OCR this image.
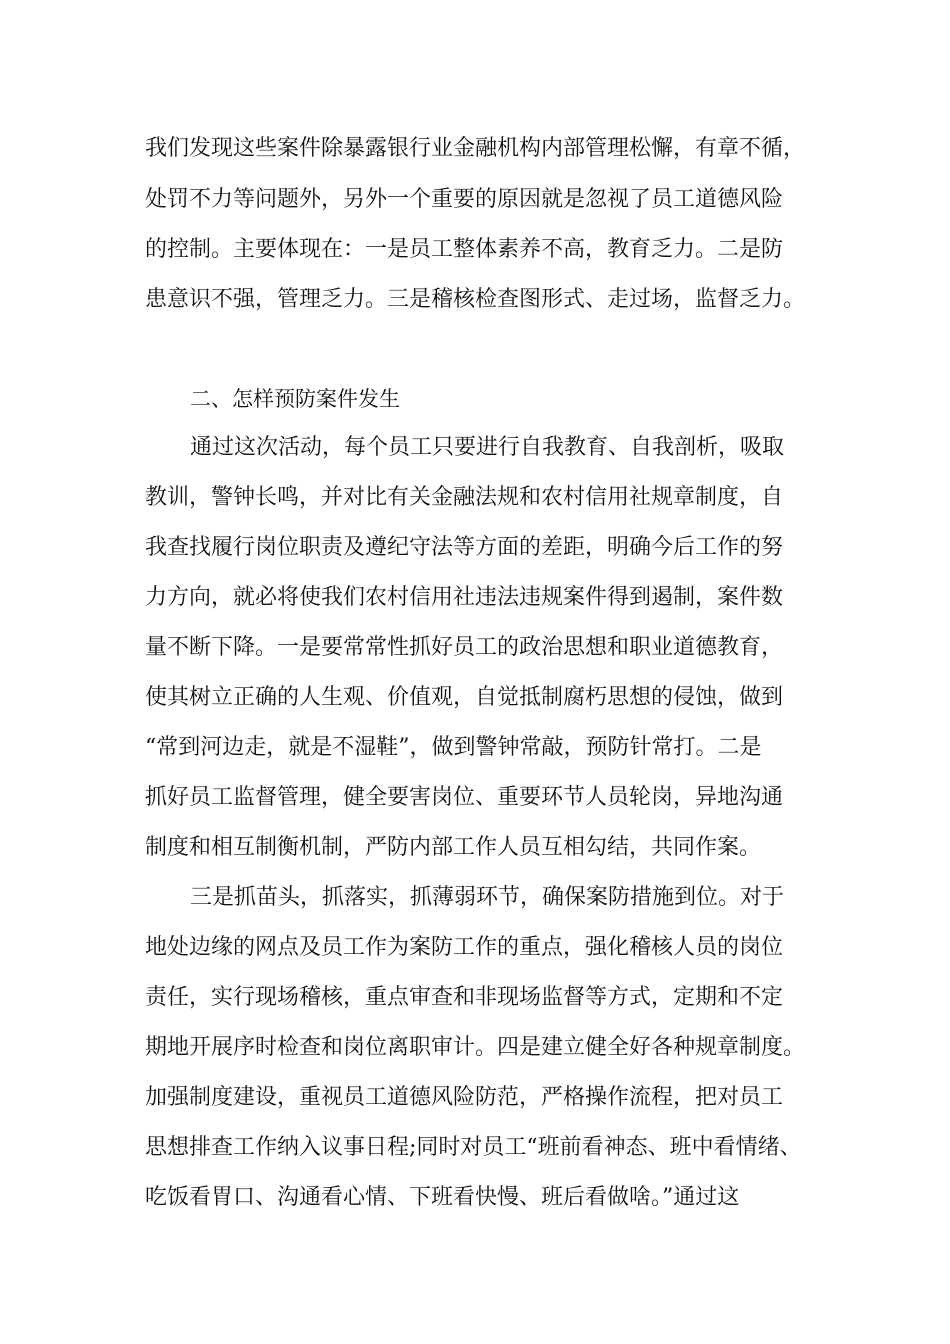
我们发现这些案件除暴露银行业金融机构内部管理松懈，有章不循，
处罚不力等问题外，另外一个重要的原因就是忽视了员工道德风险
的控制。主要体现在：一是员工整体素养不高，教育乏力。二是防
患意识不强，管理乏力。三是稽核检查图形式、走过场，监督乏力。
二、怎样预防案件发生
通过这次活动，每个员工只要进行自我教育、自我剖析，吸取
教训，警钟长鸣，并对比有关金融法规和农村信用社规章制度，自
我查找履行岗位职责及遵纪守法等方面的差距，明确今后工作的努
力方向，就必将使我们农村信用社违法违规案件得到遏制，案件数
量不断下降。一是要常常性抓好员工的政治思想和职业道德教育，
使其树立正确的人生观、价值观，自觉抵制腐朽思想的侵蚀，做到
“常到河边走，就是不湿鞋”，做到警钟常敲，预防针常打。二是
抓好员工监督管理，健全要害岗位、重要环节人员轮岗，异地沟通
制度和相互制衡机制，严防内部工作人员互相勾结，共同作案。
三是抓苗头，抓落实，抓薄弱环节，确保案防措施到位。对于
地处边缘的网点及员工作为案防工作的重点，强化稽核人员的岗位
责任，实行现场稽核，重点审查和非现场监督等方式，定期和不定
期地开展序时检查和岗位离职审计。四是建立健全好各种规章制度。
加强制度建设，重视员工道德风险防范，严格操作流程，把对员工
思想排查工作纳入议事日程;同时对员工“班前看神态、班中看情绪、
吃饭看胃口、沟通看心情、下班看快慢、班后看做啥。”通过这
